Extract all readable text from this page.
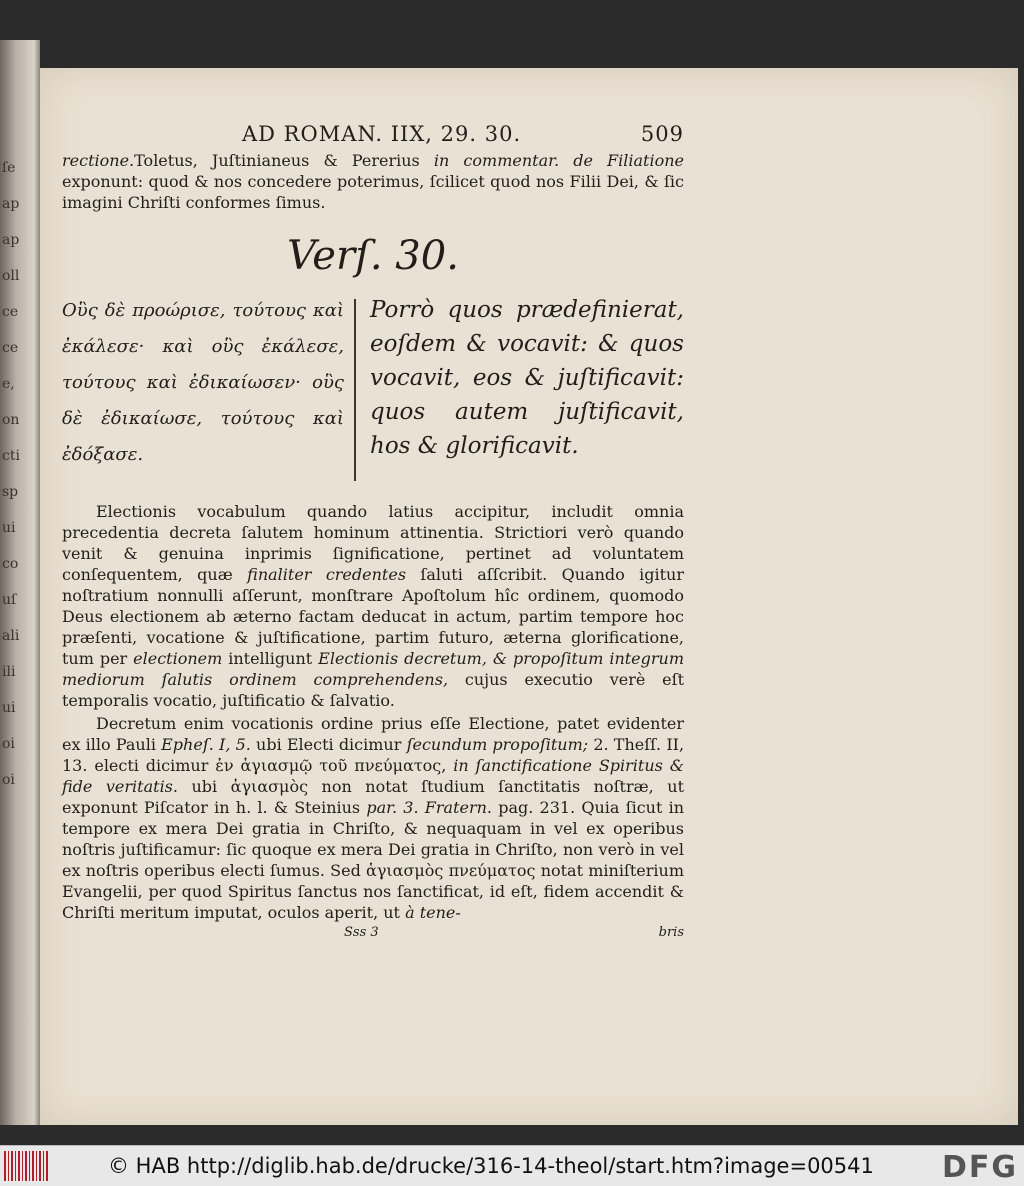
ſe
ap
ap
oll
ce
ce
e,
on
cti
sp
ui
co
uſ
ali
ili
ui
oi
oi
AD ROMAN. IIX, 29. 30.	509

rectione.Toletus, Juſtinianeus & Pererius in commentar. de Filiatione exponunt: quod & nos concedere poterimus, ſcilicet quod nos Filii Dei, & ſic imagini Chriſti conformes ſimus.

Verſ. 30.
Οὓς δὲ προώρισε, τούτους καὶ ἐκάλεσε· καὶ οὓς ἐκάλεσε, τούτους καὶ ἐδικαίωσεν· οὓς δὲ ἐδικαίωσε, τούτους καὶ ἐδόξασε.
Porrò quos prædefinierat, eoſdem & vocavit: & quos vocavit, eos & juſtificavit: quos autem juſtificavit, hos & glorificavit.

Electionis vocabulum quando latius accipitur, includit omnia precedentia decreta ſalutem hominum attinentia. Strictiori verò quando venit & genuina inprimis ſignificatione, pertinet ad voluntatem conſequentem, quæ finaliter credentes ſaluti aſſcribit. Quando igitur noſtratium nonnulli aſſerunt, monſtrare Apoſtolum hîc ordinem, quomodo Deus electionem ab æterno factam deducat in actum, partim tempore hoc præſenti, vocatione & juſtificatione, partim futuro, æterna glorificatione, tum per electionem intelligunt Electionis decretum, & propoſitum integrum mediorum ſalutis ordinem comprehendens, cujus executio verè eſt temporalis vocatio, juſtificatio & ſalvatio.

Decretum enim vocationis ordine prius eſſe Electione, patet evidenter ex illo Pauli Epheſ. I, 5. ubi Electi dicimur ſecundum propoſitum; 2. Theſſ. II, 13. electi dicimur ἐν ἁγιασμῷ τοῦ πνεύματος, in ſanctificatione Spiritus & fide veritatis. ubi ἁγιασμὸς non notat ſtudium ſanctitatis noſtræ, ut exponunt Piſcator in h. l. & Steinius par. 3. Fratern. pag. 231. Quia ſicut in tempore ex mera Dei gratia in Chriſto, & nequaquam in vel ex operibus noſtris juſtificamur: ſic quoque ex mera Dei gratia in Chriſto, non verò in vel ex noſtris operibus electi ſumus. Sed ἁγιασμὸς πνεύματος notat miniſterium Evangelii, per quod Spiritus ſanctus nos ſanctificat, id eſt, fidem accendit & Chriſti meritum imputat, oculos aperit, ut à tene-

Sss 3	bris
© HAB http://diglib.hab.de/drucke/316-14-theol/start.htm?image=00541 DFG
